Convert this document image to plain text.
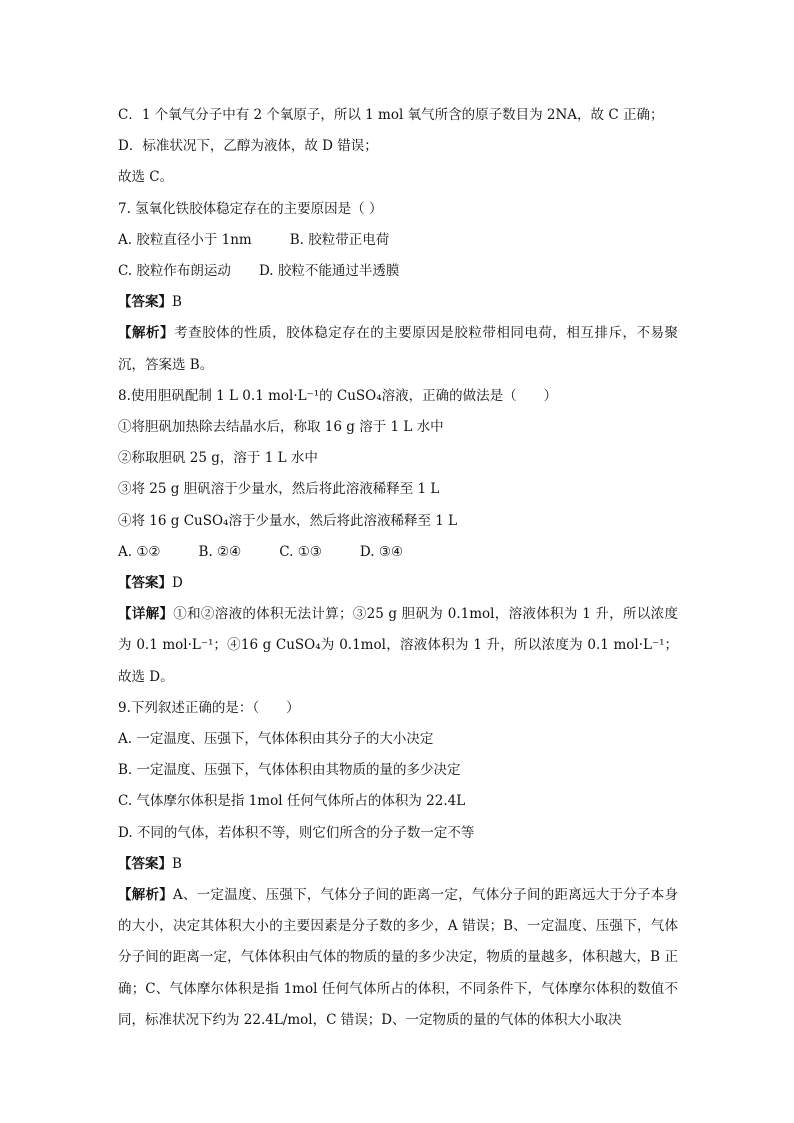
C．1 个氧气分子中有 2 个氧原子，所以 1 mol 氧气所含的原子数目为 2NA，故 C 正确；
D．标准状况下，乙醇为液体，故 D 错误；
故选 C。
7. 氢氧化铁胶体稳定存在的主要原因是（ ）
A. 胶粒直径小于 1nm	B. 胶粒带正电荷
C. 胶粒作布朗运动 D. 胶粒不能通过半透膜
【答案】B
【解析】考查胶体的性质，胶体稳定存在的主要原因是胶粒带相同电荷，相互排斥，不易聚沉，答案选 B。
8.使用胆矾配制 1 L 0.1 mol·L⁻¹的 CuSO₄溶液，正确的做法是（　　）
①将胆矾加热除去结晶水后，称取 16 g 溶于 1 L 水中
②称取胆矾 25 g，溶于 1 L 水中
③将 25 g 胆矾溶于少量水，然后将此溶液稀释至 1 L
④将 16 g CuSO₄溶于少量水，然后将此溶液稀释至 1 L
A. ①②	B. ②④	C. ①③	D. ③④
【答案】D
【详解】①和②溶液的体积无法计算；③25 g 胆矾为 0.1mol，溶液体积为 1 升，所以浓度为 0.1 mol·L⁻¹；④16 g CuSO₄为 0.1mol，溶液体积为 1 升，所以浓度为 0.1 mol·L⁻¹；故选 D。
9.下列叙述正确的是：（　　）
A. 一定温度、压强下，气体体积由其分子的大小决定
B. 一定温度、压强下，气体体积由其物质的量的多少决定
C. 气体摩尔体积是指 1mol 任何气体所占的体积为 22.4L
D. 不同的气体，若体积不等，则它们所含的分子数一定不等
【答案】B
【解析】A、一定温度、压强下，气体分子间的距离一定，气体分子间的距离远大于分子本身的大小，决定其体积大小的主要因素是分子数的多少，A 错误；B、一定温度、压强下，气体分子间的距离一定，气体体积由气体的物质的量的多少决定，物质的量越多，体积越大，B 正确；C、气体摩尔体积是指 1mol 任何气体所占的体积，不同条件下，气体摩尔体积的数值不同，标准状况下约为 22.4L/mol，C 错误；D、一定物质的量的气体的体积大小取决
